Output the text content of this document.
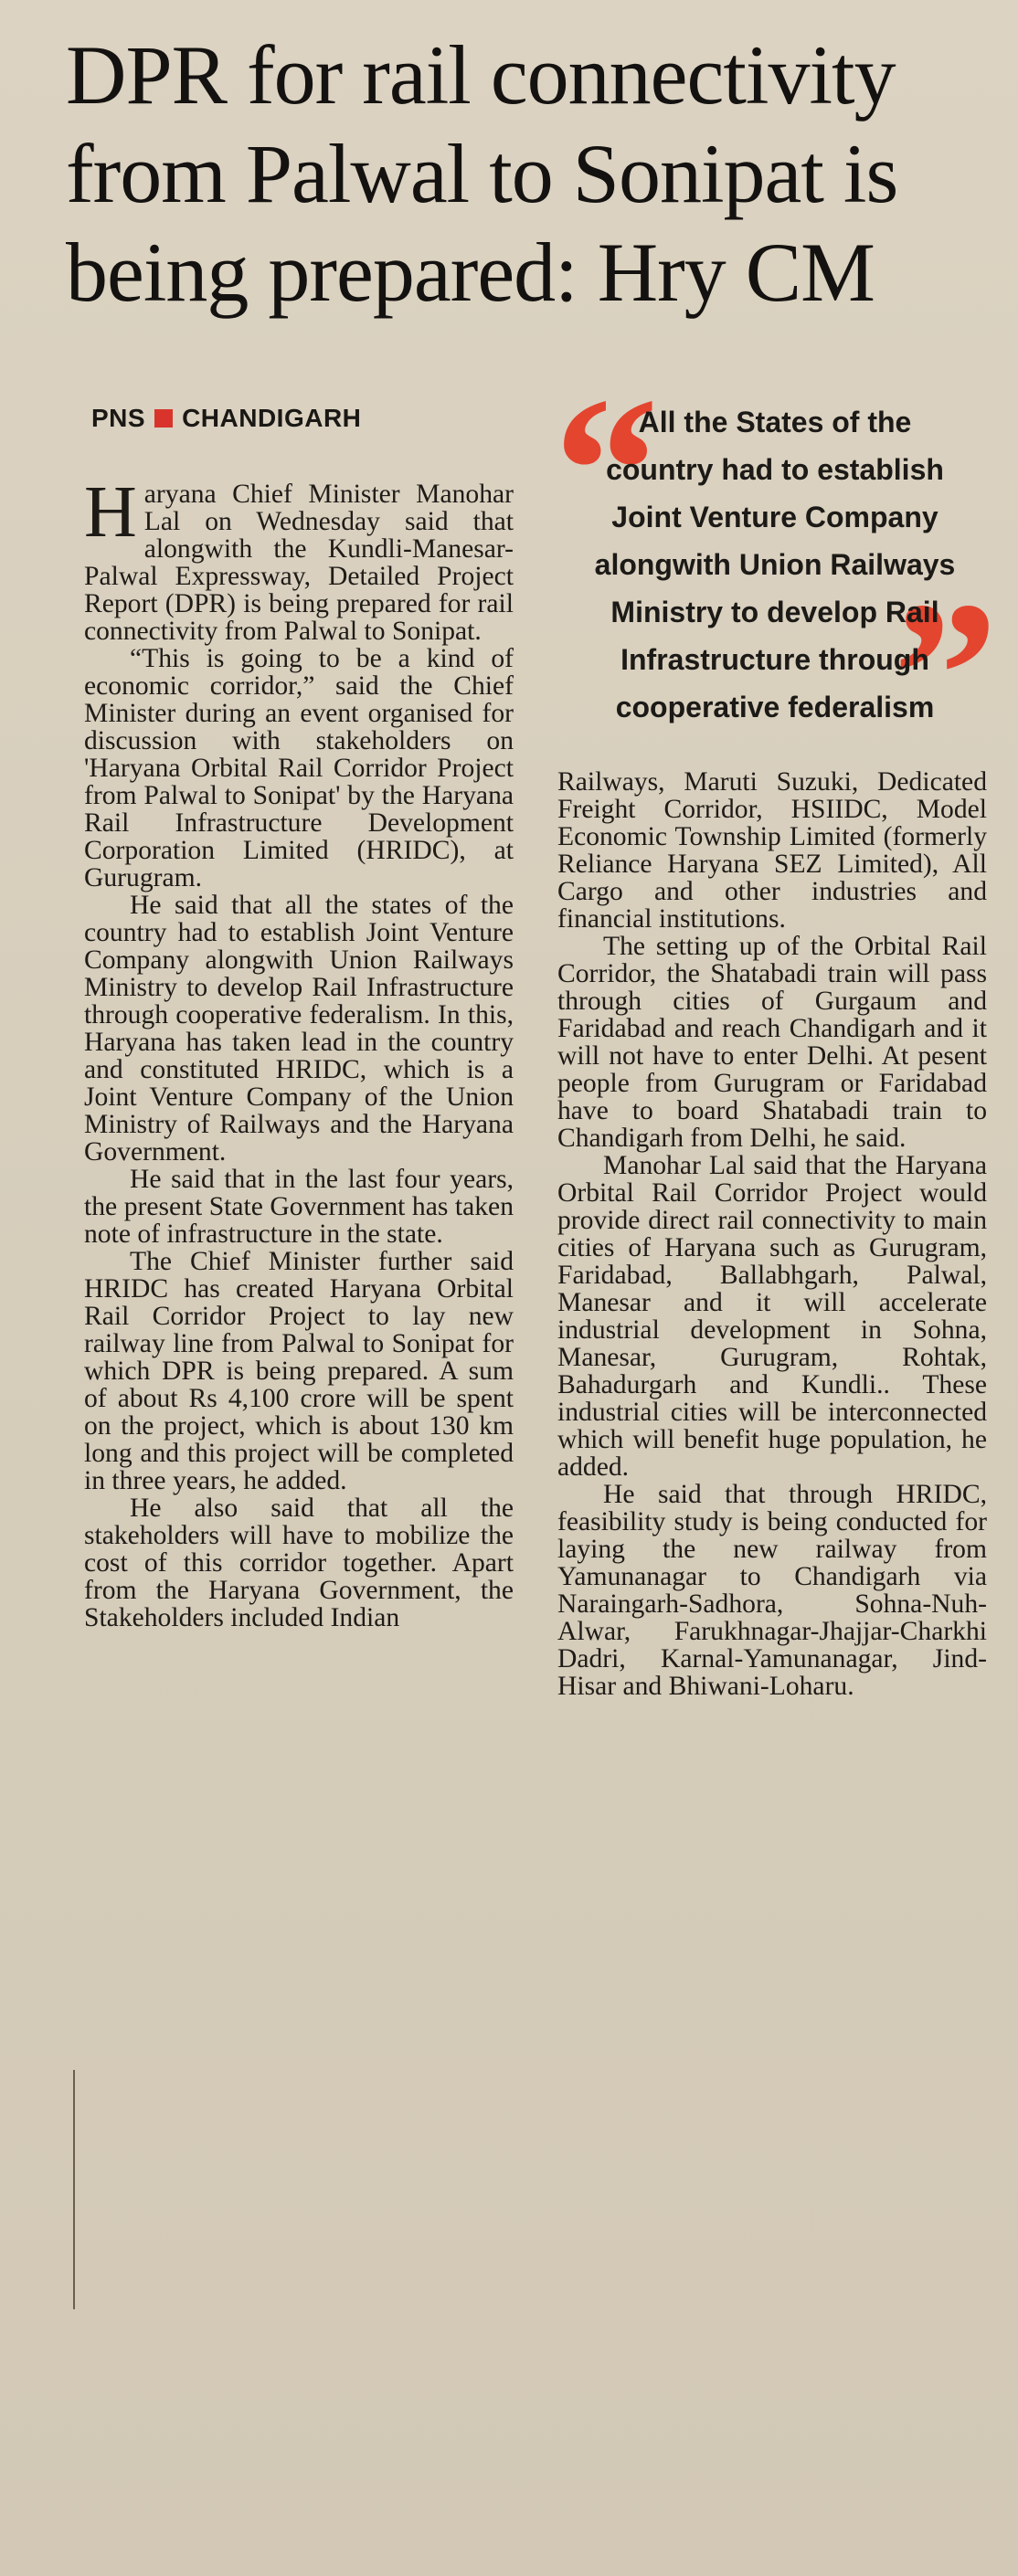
DPR for rail connectivity
from Palwal to Sonipat is
being prepared: Hry CM
PNS CHANDIGARH “
”
All the States of the
country had to establish
Joint Venture Company
alongwith Union Railways
Ministry to develop Rail
Infrastructure through
cooperative federalism

Haryana Chief Minister Manohar Lal on Wednesday said that alongwith the Kundli-Manesar-Palwal Expressway, Detailed Project Report (DPR) is being prepared for rail connectivity from Palwal to Sonipat.

“This is going to be a kind of economic corridor,” said the Chief Minister during an event organised for discussion with stakeholders on 'Haryana Orbital Rail Corridor Project from Palwal to Sonipat' by the Haryana Rail Infrastructure Development Corporation Limited (HRIDC), at Gurugram.

He said that all the states of the country had to establish Joint Venture Company alongwith Union Railways Ministry to develop Rail Infrastructure through cooperative federalism. In this, Haryana has taken lead in the country and constituted HRIDC, which is a Joint Venture Company of the Union Ministry of Railways and the Haryana Government.

He said that in the last four years, the present State Government has taken note of infrastructure in the state.

The Chief Minister further said HRIDC has created Haryana Orbital Rail Corridor Project to lay new railway line from Palwal to Sonipat for which DPR is being prepared. A sum of about Rs 4,100 crore will be spent on the project, which is about 130 km long and this project will be completed in three years, he added.

He also said that all the stakeholders will have to mobilize the cost of this corridor together. Apart from the Haryana Government, the Stakeholders included Indian

Railways, Maruti Suzuki, Dedicated Freight Corridor, HSIIDC, Model Economic Township Limited (formerly Reliance Haryana SEZ Limited), All Cargo and other industries and financial institutions.

The setting up of the Orbital Rail Corridor, the Shatabadi train will pass through cities of Gurgaum and Faridabad and reach Chandigarh and it will not have to enter Delhi. At pesent people from Gurugram or Faridabad have to board Shatabadi train to Chandigarh from Delhi, he said.

Manohar Lal said that the Haryana Orbital Rail Corridor Project would provide direct rail connectivity to main cities of Haryana such as Gurugram, Faridabad, Ballabhgarh, Palwal, Manesar and it will accelerate industrial development in Sohna, Manesar, Gurugram, Rohtak, Bahadurgarh and Kundli.. These industrial cities will be interconnected which will benefit huge population, he added.

He said that through HRIDC, feasibility study is being conducted for laying the new railway from Yamunanagar to Chandigarh via Naraingarh-Sadhora, Sohna-Nuh-Alwar, Farukhnagar-Jhajjar-Charkhi Dadri, Karnal-Yamunanagar, Jind-Hisar and Bhiwani-Loharu.
